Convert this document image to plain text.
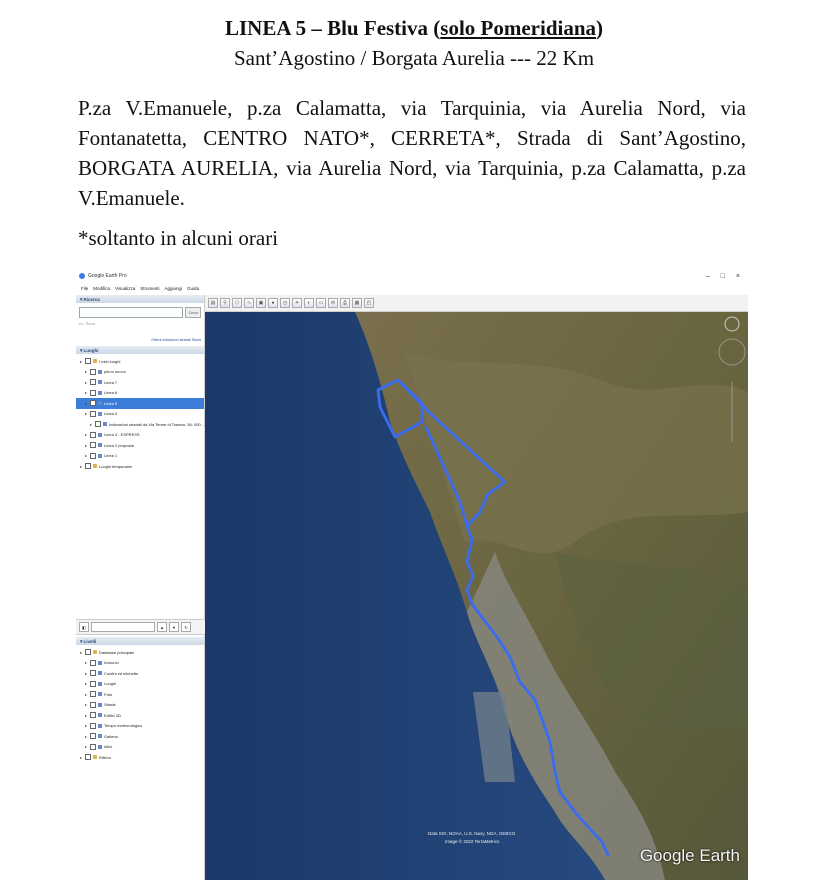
LINEA 5 – Blu Festiva (solo Pomeridiana)
Sant’Agostino / Borgata Aurelia --- 22 Km
P.za V.Emanuele, p.za Calamatta, via Tarquinia, via Aurelia Nord, via Fontanatetta, CENTRO NATO*, CERRETA*, Strada di Sant’Agostino, BORGATA AURELIA, via Aurelia Nord, via Tarquinia, p.za Calamatta, p.za V.Emanuele.
*soltanto in alcuni orari
Google Earth Pro	– □ ×
File Modifica Visualizza Strumenti Aggiungi Guida
▼Ricerca
Cerca
es.: Roma
Ottieni indicazioni stradali Storia
▼Luoghi
▸	I miei luoghi
▸	pieno nuovo
▸	Linea 7
▸	Linea 6
▸	Linea 5
▸	Linea 4
▸	Indicazioni stradali da Via Terme di Traiano, 36, 000...
▸	Linea 3 - ESPRESS
▸	Linea 2 proposta
▸	Linea 1
▸	Luoghi temporanei
◧	▲	▼	↻
▼Livelli
▸	Database principale
▸	Annunci
▸	Confini ed etichette
▸	Luoghi
▸	Foto
▸	Strade
▸	Edifici 3D
▸	Tempo meteorologico
▸	Galleria
▸	Altro
▸	Rilievo
▤	⚲	⬠	∿	▣	●	◷	☀	◐	▭	✉	⎙	▦	◰
Data SIO, NOAA, U.S. Navy, NGA, GEBCO
Image © 2022 TerraMetrics
Google Earth
